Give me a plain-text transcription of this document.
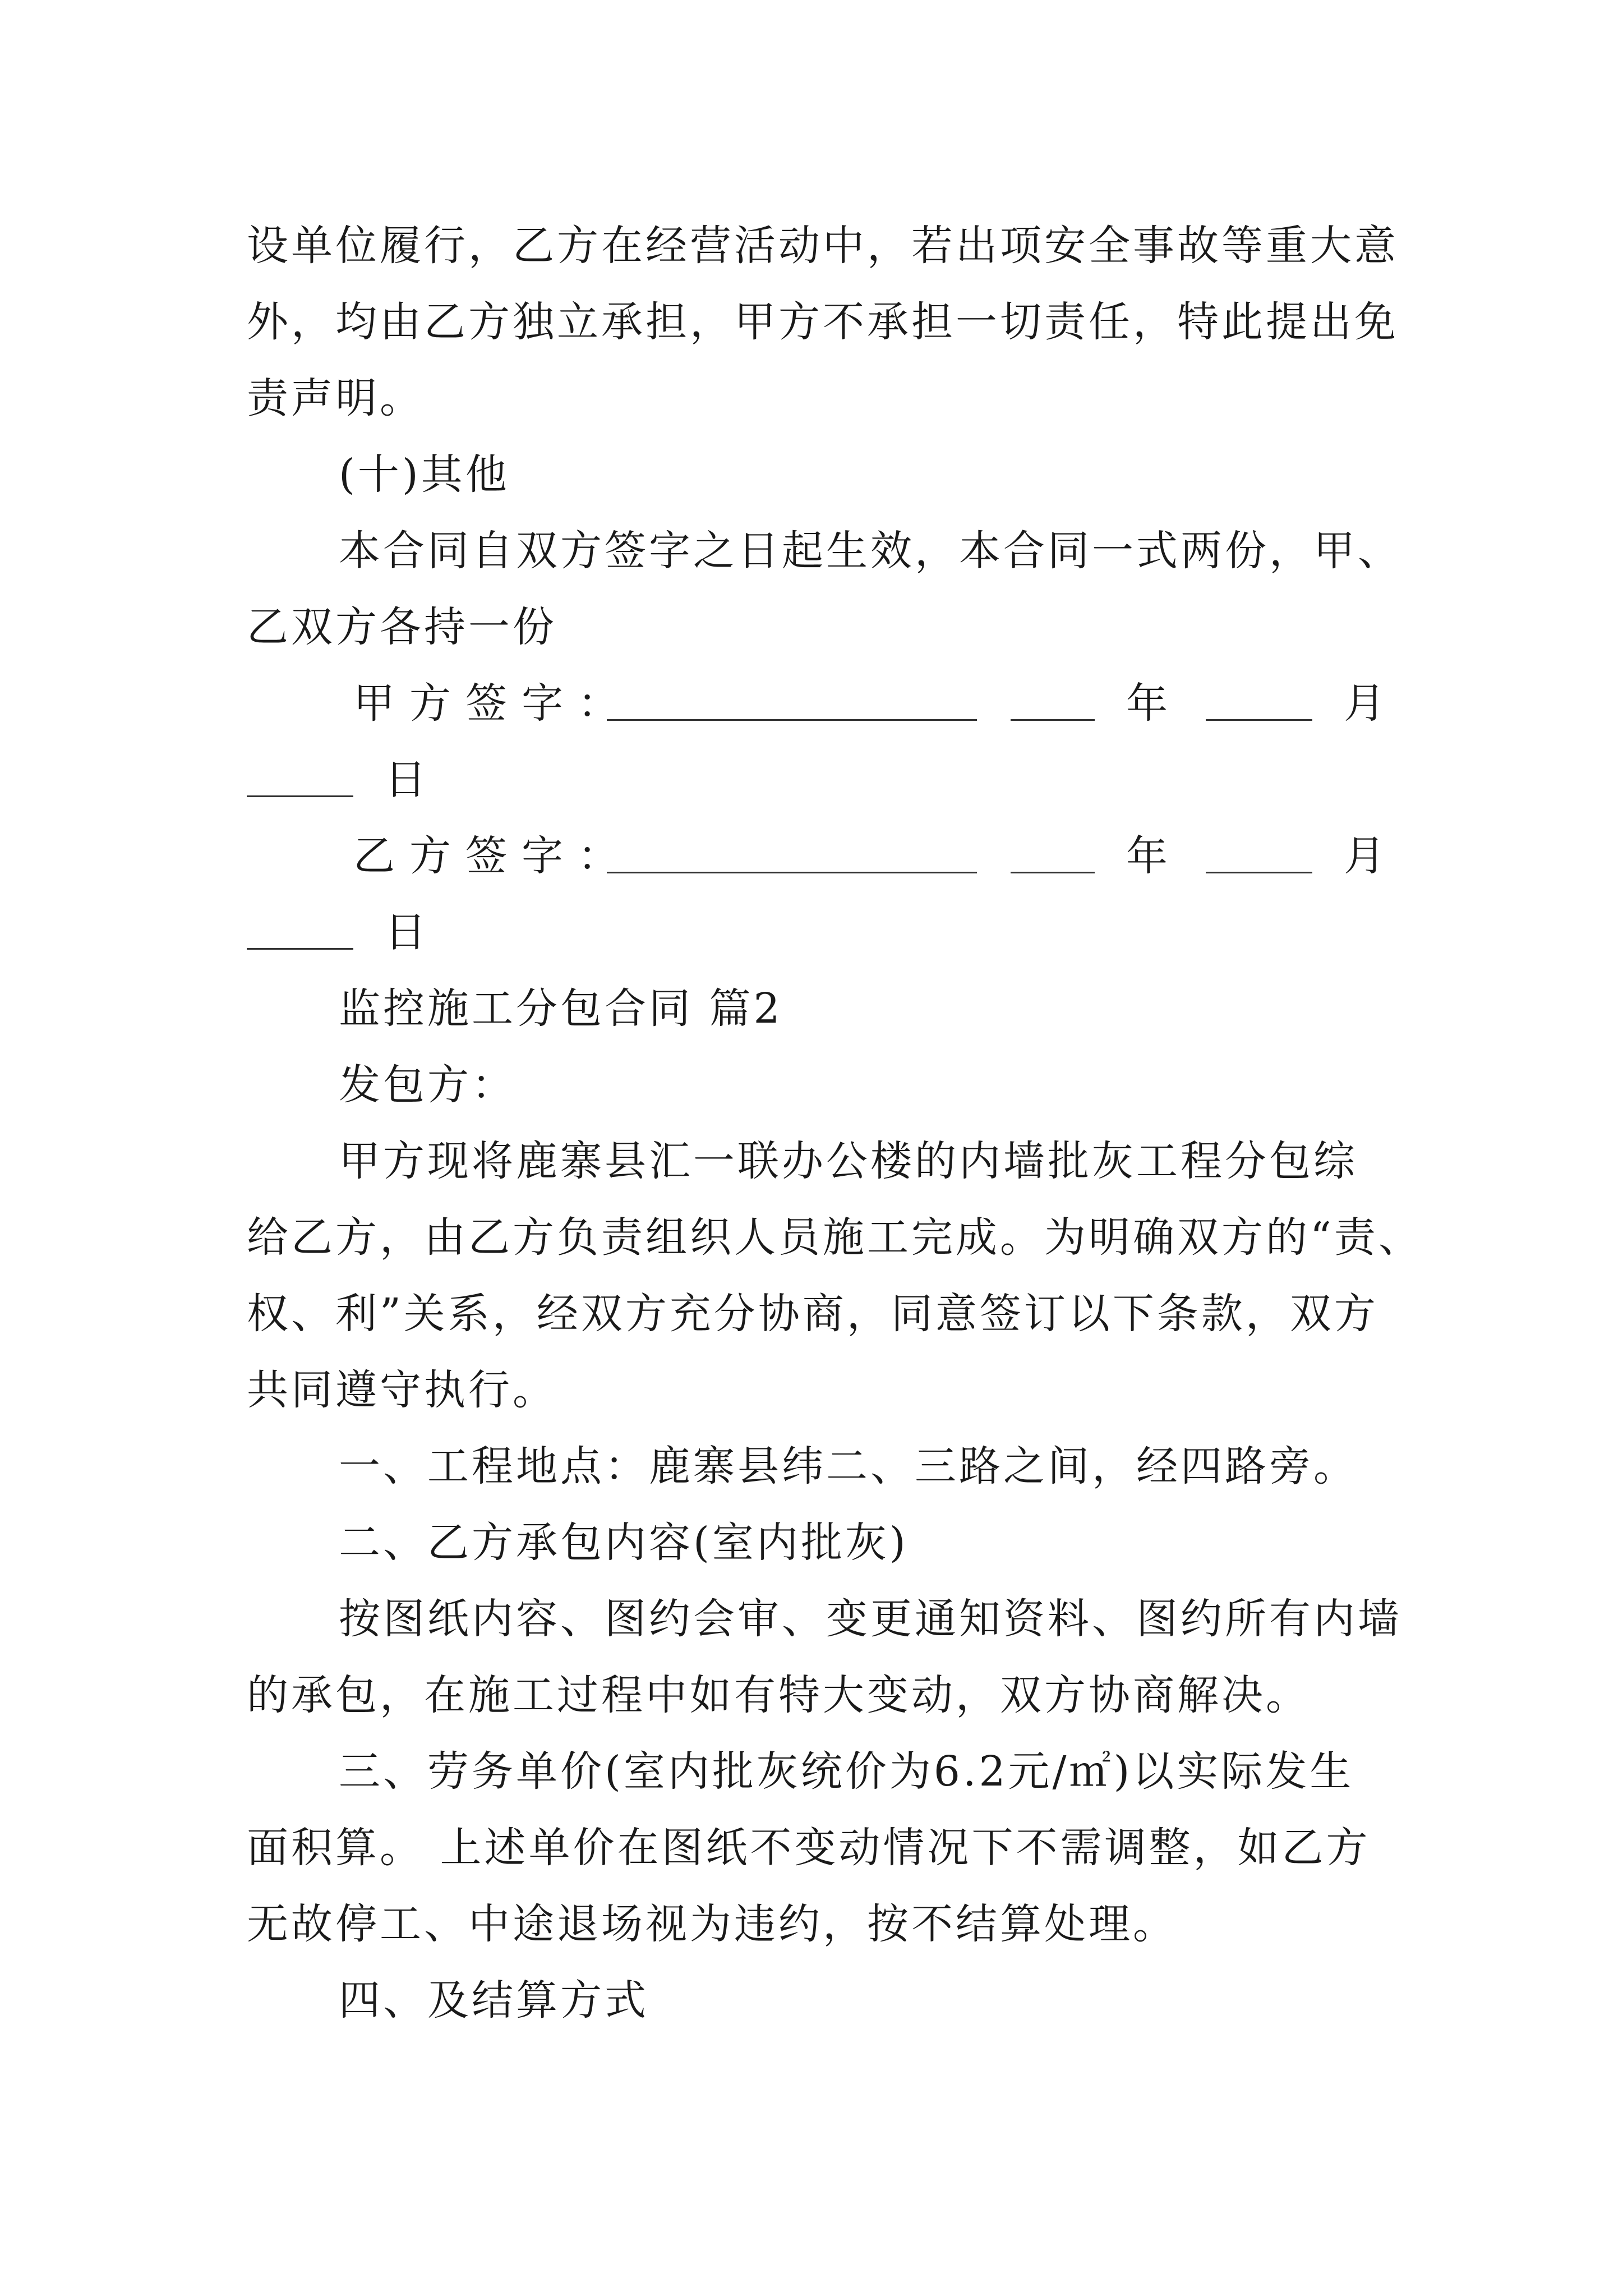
设单位履行，乙方在经营活动中，若出项安全事故等重大意
外，均由乙方独立承担，甲方不承担一切责任，特此提出免
责声明。
(十)其他
本合同自双方签字之日起生效，本合同一式两份，甲、
乙双方各持一份
甲方签字：	年	月
日
乙方签字：	年	月
日
监控施工分包合同 篇2
发包方：
甲方现将鹿寨县汇一联办公楼的内墙批灰工程分包综
给乙方，由乙方负责组织人员施工完成。为明确双方的“责、
权、利”关系，经双方充分协商，同意签订以下条款，双方
共同遵守执行。
一、工程地点：鹿寨县纬二、三路之间，经四路旁。
二、乙方承包内容(室内批灰)
按图纸内容、图约会审、变更通知资料、图约所有内墙
的承包，在施工过程中如有特大变动，双方协商解决。
三、劳务单价(室内批灰统价为6.2元/㎡)以实际发生
面积算。 上述单价在图纸不变动情况下不需调整，如乙方
无故停工、中途退场视为违约，按不结算处理。
四、及结算方式
